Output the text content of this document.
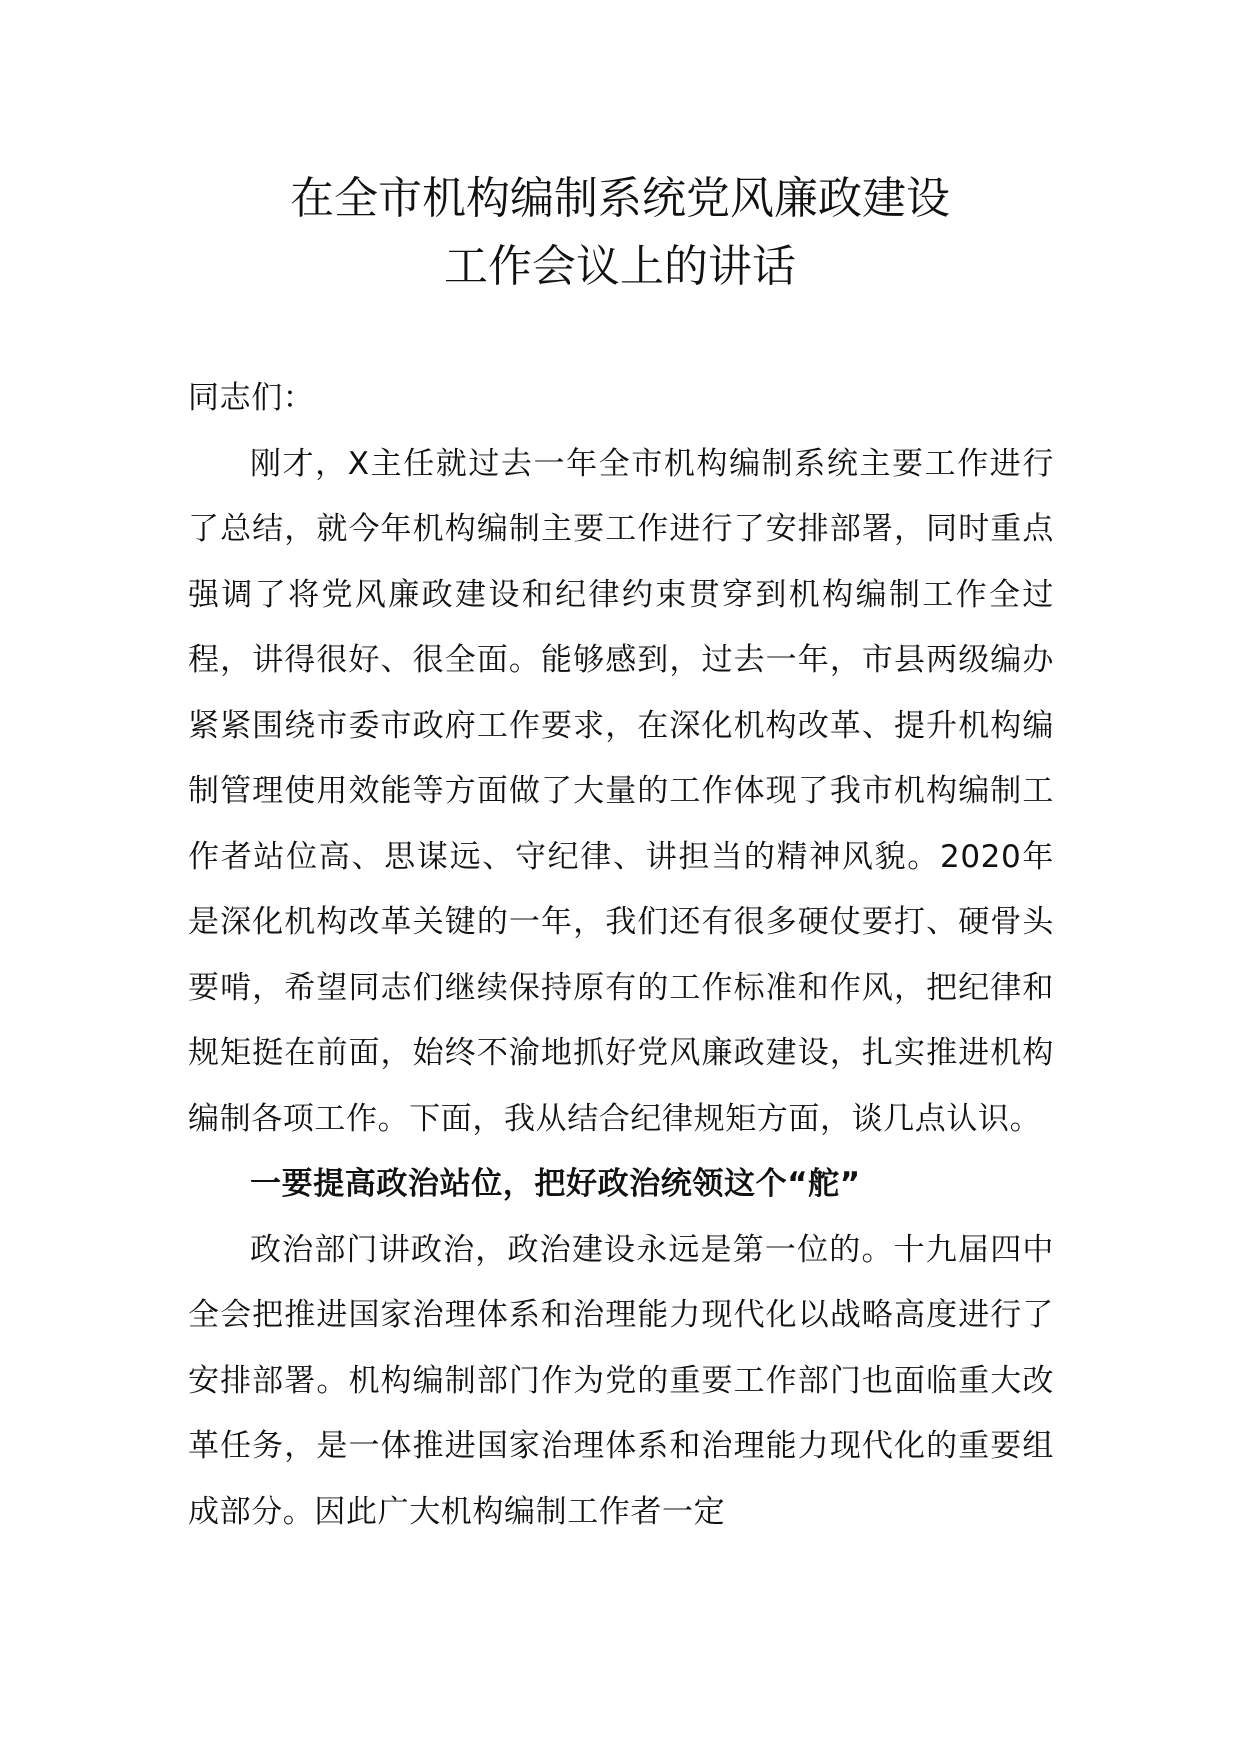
在全市机构编制系统党风廉政建设
工作会议上的讲话

同志们：

刚才，X主任就过去一年全市机构编制系统主要工作进行了总结，就今年机构编制主要工作进行了安排部署，同时重点强调了将党风廉政建设和纪律约束贯穿到机构编制工作全过程，讲得很好、很全面。能够感到，过去一年，市县两级编办紧紧围绕市委市政府工作要求，在深化机构改革、提升机构编制管理使用效能等方面做了大量的工作体现了我市机构编制工作者站位高、思谋远、守纪律、讲担当的精神风貌。2020年是深化机构改革关键的一年，我们还有很多硬仗要打、硬骨头要啃，希望同志们继续保持原有的工作标准和作风，把纪律和规矩挺在前面，始终不渝地抓好党风廉政建设，扎实推进机构编制各项工作。下面，我从结合纪律规矩方面，谈几点认识。

一要提高政治站位，把好政治统领这个“舵”

政治部门讲政治，政治建设永远是第一位的。十九届四中全会把推进国家治理体系和治理能力现代化以战略高度进行了安排部署。机构编制部门作为党的重要工作部门也面临重大改革任务，是一体推进国家治理体系和治理能力现代化的重要组成部分。因此广大机构编制工作者一定
